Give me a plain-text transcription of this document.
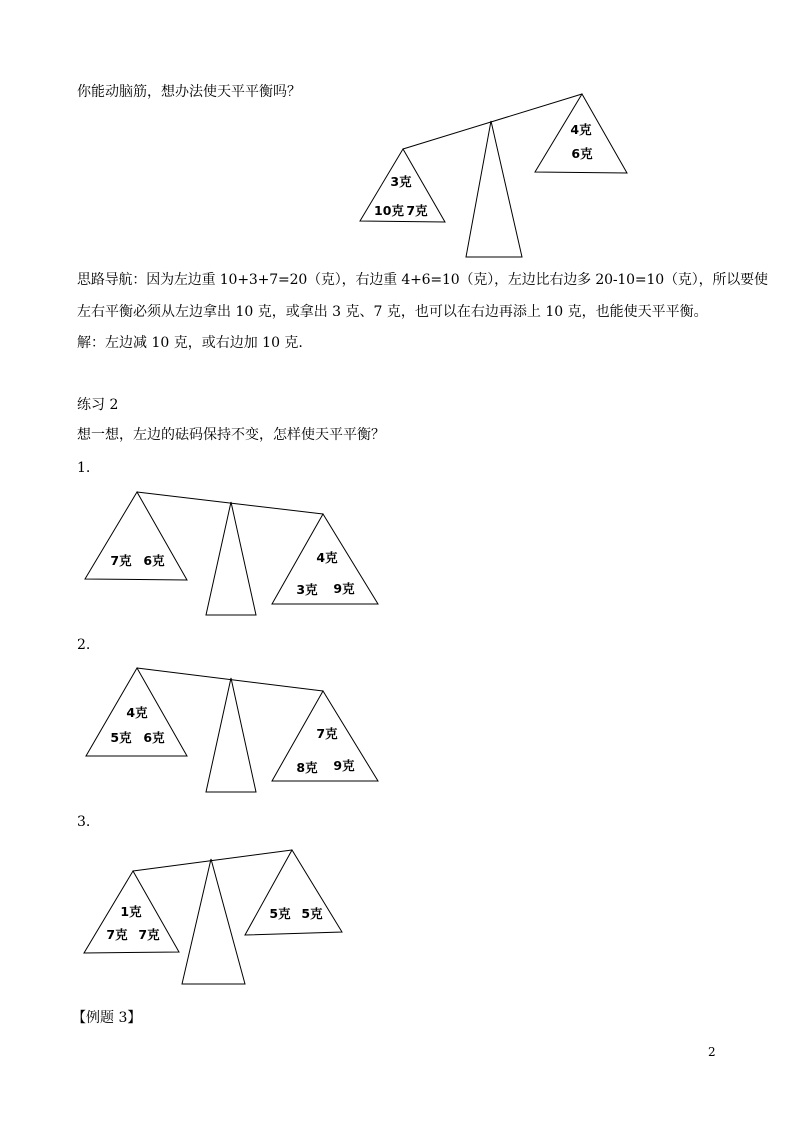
你能动脑筋，想办法使天平平衡吗？
思路导航：因为左边重 10+3+7=20（克），右边重 4+6=10（克），左边比右边多 20-10=10（克），所以要使
左右平衡必须从左边拿出 10 克，或拿出 3 克、7 克，也可以在右边再添上 10 克，也能使天平平衡。
解：左边减 10 克，或右边加 10 克.
练习 2
想一想，左边的砝码保持不变，怎样使天平平衡？
1.
2.
3.
【例题 3】
2
3克
10克 7克
4克
6克
7克 6克	4克
3克 9克
4克
5克 6克	7克
8克 9克
1克
7克 7克
5克 5克
